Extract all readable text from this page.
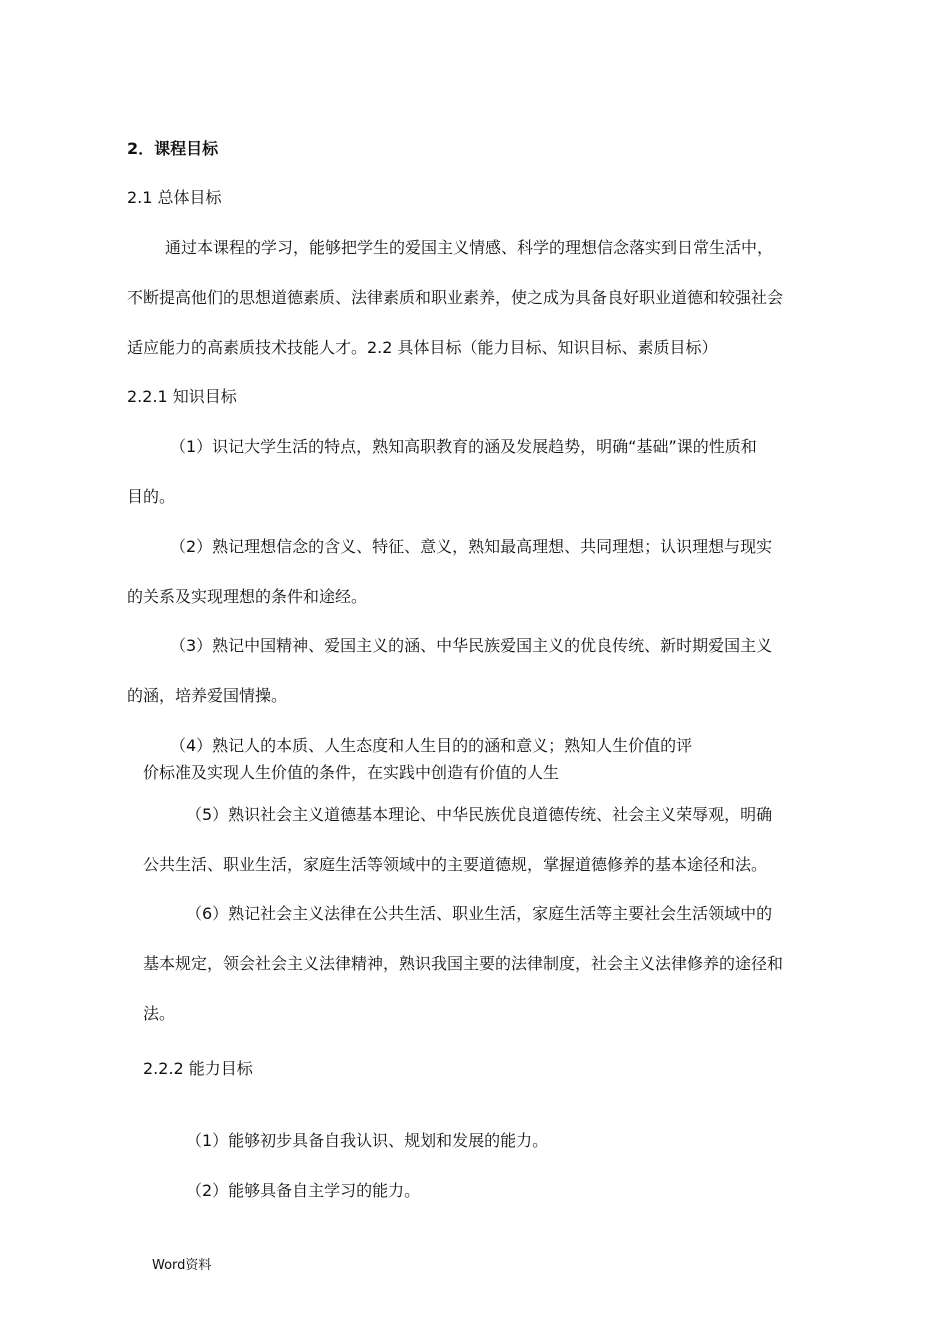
2．课程目标
2.1 总体目标
通过本课程的学习，能够把学生的爱国主义情感、科学的理想信念落实到日常生活中，
不断提高他们的思想道德素质、法律素质和职业素养，使之成为具备良好职业道德和较强社会
适应能力的高素质技术技能人才。2.2 具体目标（能力目标、知识目标、素质目标）
2.2.1 知识目标
（1）识记大学生活的特点，熟知高职教育的涵及发展趋势，明确“基础”课的性质和
目的。
（2）熟记理想信念的含义、特征、意义，熟知最高理想、共同理想；认识理想与现实
的关系及实现理想的条件和途经。
（3）熟记中国精神、爱国主义的涵、中华民族爱国主义的优良传统、新时期爱国主义
的涵，培养爱国情操。
（4）熟记人的本质、人生态度和人生目的的涵和意义；熟知人生价值的评
价标准及实现人生价值的条件，在实践中创造有价值的人生
（5）熟识社会主义道德基本理论、中华民族优良道德传统、社会主义荣辱观，明确
公共生活、职业生活，家庭生活等领域中的主要道德规，掌握道德修养的基本途径和法。
（6）熟记社会主义法律在公共生活、职业生活，家庭生活等主要社会生活领域中的
基本规定，领会社会主义法律精神，熟识我国主要的法律制度，社会主义法律修养的途径和
法。
2.2.2 能力目标
（1）能够初步具备自我认识、规划和发展的能力。
（2）能够具备自主学习的能力。
Word资料
